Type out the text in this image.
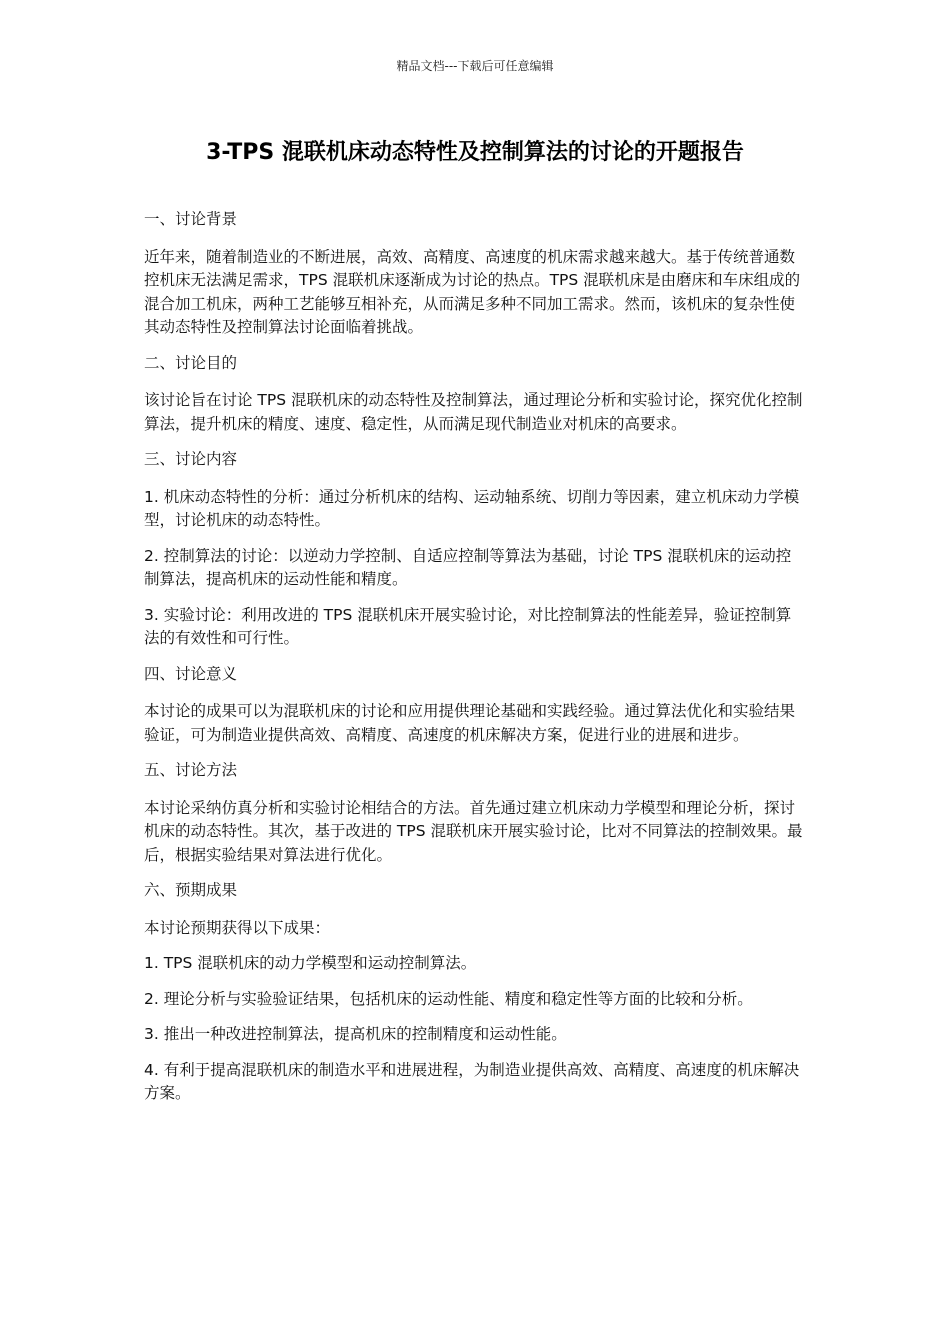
精品文档---下载后可任意编辑
3-TPS 混联机床动态特性及控制算法的讨论的开题报告

一、讨论背景

近年来，随着制造业的不断进展，高效、高精度、高速度的机床需求越来越大。基于传统普通数控机床无法满足需求，TPS 混联机床逐渐成为讨论的热点。TPS 混联机床是由磨床和车床组成的混合加工机床，两种工艺能够互相补充，从而满足多种不同加工需求。然而，该机床的复杂性使其动态特性及控制算法讨论面临着挑战。

二、讨论目的

该讨论旨在讨论 TPS 混联机床的动态特性及控制算法，通过理论分析和实验讨论，探究优化控制算法，提升机床的精度、速度、稳定性，从而满足现代制造业对机床的高要求。

三、讨论内容

1. 机床动态特性的分析：通过分析机床的结构、运动轴系统、切削力等因素，建立机床动力学模型，讨论机床的动态特性。

2. 控制算法的讨论：以逆动力学控制、自适应控制等算法为基础，讨论 TPS 混联机床的运动控制算法，提高机床的运动性能和精度。

3. 实验讨论：利用改进的 TPS 混联机床开展实验讨论，对比控制算法的性能差异，验证控制算法的有效性和可行性。

四、讨论意义

本讨论的成果可以为混联机床的讨论和应用提供理论基础和实践经验。通过算法优化和实验结果验证，可为制造业提供高效、高精度、高速度的机床解决方案，促进行业的进展和进步。

五、讨论方法

本讨论采纳仿真分析和实验讨论相结合的方法。首先通过建立机床动力学模型和理论分析，探讨机床的动态特性。其次，基于改进的 TPS 混联机床开展实验讨论，比对不同算法的控制效果。最后，根据实验结果对算法进行优化。

六、预期成果

本讨论预期获得以下成果：

1. TPS 混联机床的动力学模型和运动控制算法。

2. 理论分析与实验验证结果，包括机床的运动性能、精度和稳定性等方面的比较和分析。

3. 推出一种改进控制算法，提高机床的控制精度和运动性能。

4. 有利于提高混联机床的制造水平和进展进程，为制造业提供高效、高精度、高速度的机床解决方案。
